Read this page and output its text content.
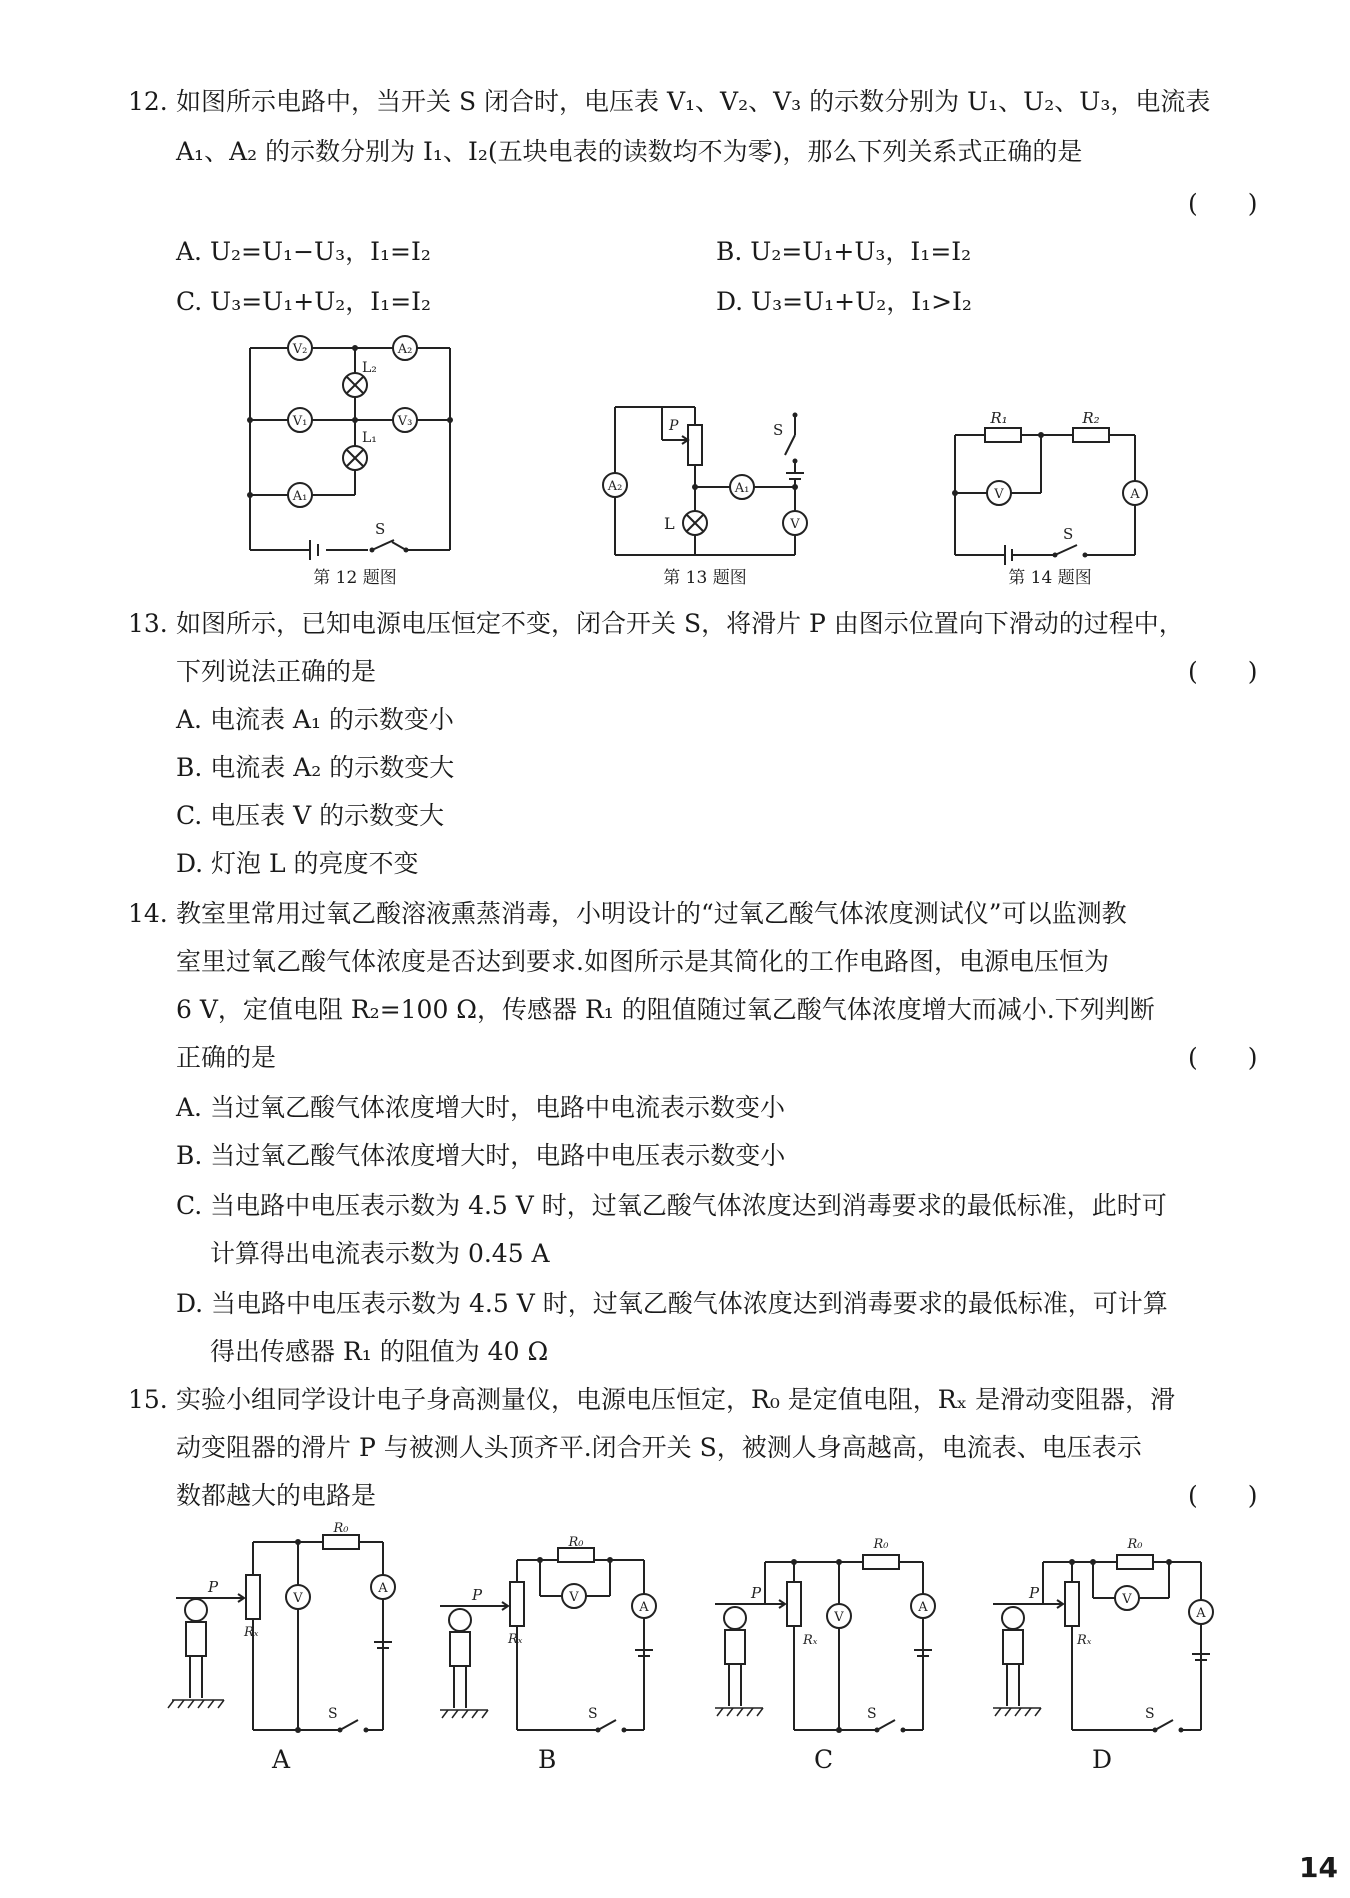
12. 如图所示电路中，当开关 S 闭合时，电压表 V₁、V₂、V₃ 的示数分别为 U₁、U₂、U₃，电流表
A₁、A₂ 的示数分别为 I₁、I₂(五块电表的读数均不为零)，那么下列关系式正确的是
(　　)
A. U₂=U₁−U₃，I₁=I₂	B. U₂=U₁+U₃，I₁=I₂
C. U₃=U₁+U₂，I₁=I₂	D. U₃=U₁+U₂，I₁>I₂
V₂	A₂
V₁	V₃
A₁
L₂
L₁
S
第 12 题图
P	S
A₂	A₁
L	V
第 13 题图
R₁	R₂
V	A
S
第 14 题图
13. 如图所示，已知电源电压恒定不变，闭合开关 S，将滑片 P 由图示位置向下滑动的过程中，
下列说法正确的是	(　　)
A. 电流表 A₁ 的示数变小
B. 电流表 A₂ 的示数变大
C. 电压表 V 的示数变大
D. 灯泡 L 的亮度不变
14. 教室里常用过氧乙酸溶液熏蒸消毒，小明设计的“过氧乙酸气体浓度测试仪”可以监测教
室里过氧乙酸气体浓度是否达到要求.如图所示是其简化的工作电路图，电源电压恒为
6 V，定值电阻 R₂=100 Ω，传感器 R₁ 的阻值随过氧乙酸气体浓度增大而减小.下列判断
正确的是	(　　)
A. 当过氧乙酸气体浓度增大时，电路中电流表示数变小
B. 当过氧乙酸气体浓度增大时，电路中电压表示数变小
C. 当电路中电压表示数为 4.5 V 时，过氧乙酸气体浓度达到消毒要求的最低标准，此时可
计算得出电流表示数为 0.45 A
D. 当电路中电压表示数为 4.5 V 时，过氧乙酸气体浓度达到消毒要求的最低标准，可计算
得出传感器 R₁ 的阻值为 40 Ω
15. 实验小组同学设计电子身高测量仪，电源电压恒定，R₀ 是定值电阻，Rₓ 是滑动变阻器，滑
动变阻器的滑片 P 与被测人头顶齐平.闭合开关 S，被测人身高越高，电流表、电压表示
数都越大的电路是	(　　)
P
R₀
Rₓ
V
A
S
A
P
R₀
Rₓ
V
A
S
B
P
R₀
Rₓ
V
A
S
C
P
R₀
Rₓ
V
A
S
D
14
